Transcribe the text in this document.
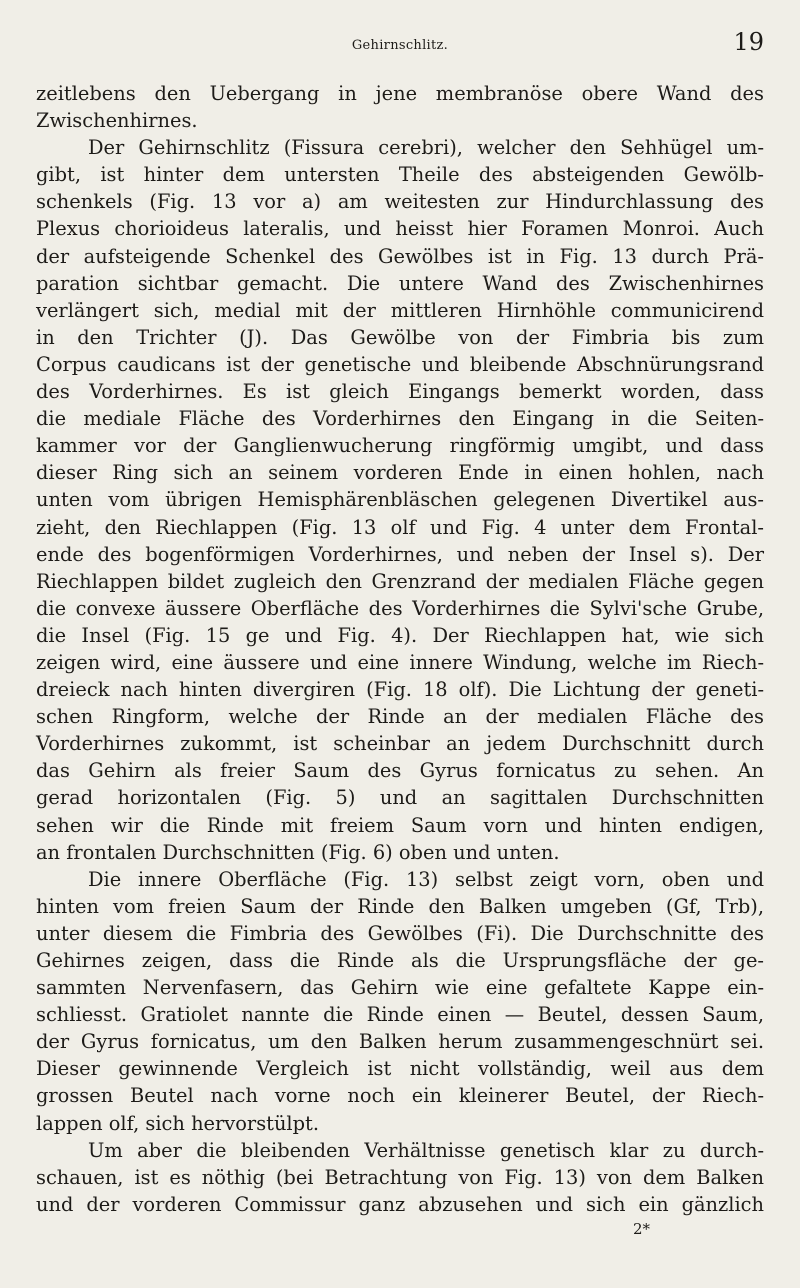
Gehirnschlitz.	19
zeitlebens den Uebergang in jene membranöse obere Wand des
Zwischenhirnes.
Der Gehirnschlitz (Fissura cerebri), welcher den Sehhügel um-
gibt, ist hinter dem untersten Theile des absteigenden Gewölb-
schenkels (Fig. 13 vor a) am weitesten zur Hindurchlassung des
Plexus chorioideus lateralis, und heisst hier Foramen Monroi. Auch
der aufsteigende Schenkel des Gewölbes ist in Fig. 13 durch Prä-
paration sichtbar gemacht. Die untere Wand des Zwischenhirnes
verlängert sich, medial mit der mittleren Hirnhöhle communicirend
in den Trichter (J). Das Gewölbe von der Fimbria bis zum
Corpus caudicans ist der genetische und bleibende Abschnürungsrand
des Vorderhirnes. Es ist gleich Eingangs bemerkt worden, dass
die mediale Fläche des Vorderhirnes den Eingang in die Seiten-
kammer vor der Ganglienwucherung ringförmig umgibt, und dass
dieser Ring sich an seinem vorderen Ende in einen hohlen, nach
unten vom übrigen Hemisphärenbläschen gelegenen Divertikel aus-
zieht, den Riechlappen (Fig. 13 olf und Fig. 4 unter dem Frontal-
ende des bogenförmigen Vorderhirnes, und neben der Insel s). Der
Riechlappen bildet zugleich den Grenzrand der medialen Fläche gegen
die convexe äussere Oberfläche des Vorderhirnes die Sylvi'sche Grube,
die Insel (Fig. 15 ge und Fig. 4). Der Riechlappen hat, wie sich
zeigen wird, eine äussere und eine innere Windung, welche im Riech-
dreieck nach hinten divergiren (Fig. 18 olf). Die Lichtung der geneti-
schen Ringform, welche der Rinde an der medialen Fläche des
Vorderhirnes zukommt, ist scheinbar an jedem Durchschnitt durch
das Gehirn als freier Saum des Gyrus fornicatus zu sehen. An
gerad horizontalen (Fig. 5) und an sagittalen Durchschnitten
sehen wir die Rinde mit freiem Saum vorn und hinten endigen,
an frontalen Durchschnitten (Fig. 6) oben und unten.
Die innere Oberfläche (Fig. 13) selbst zeigt vorn, oben und
hinten vom freien Saum der Rinde den Balken umgeben (Gf, Trb),
unter diesem die Fimbria des Gewölbes (Fi). Die Durchschnitte des
Gehirnes zeigen, dass die Rinde als die Ursprungsfläche der ge-
sammten Nervenfasern, das Gehirn wie eine gefaltete Kappe ein-
schliesst. Gratiolet nannte die Rinde einen — Beutel, dessen Saum,
der Gyrus fornicatus, um den Balken herum zusammengeschnürt sei.
Dieser gewinnende Vergleich ist nicht vollständig, weil aus dem
grossen Beutel nach vorne noch ein kleinerer Beutel, der Riech-
lappen olf, sich hervorstülpt.
Um aber die bleibenden Verhältnisse genetisch klar zu durch-
schauen, ist es nöthig (bei Betrachtung von Fig. 13) von dem Balken
und der vorderen Commissur ganz abzusehen und sich ein gänzlich
2*
